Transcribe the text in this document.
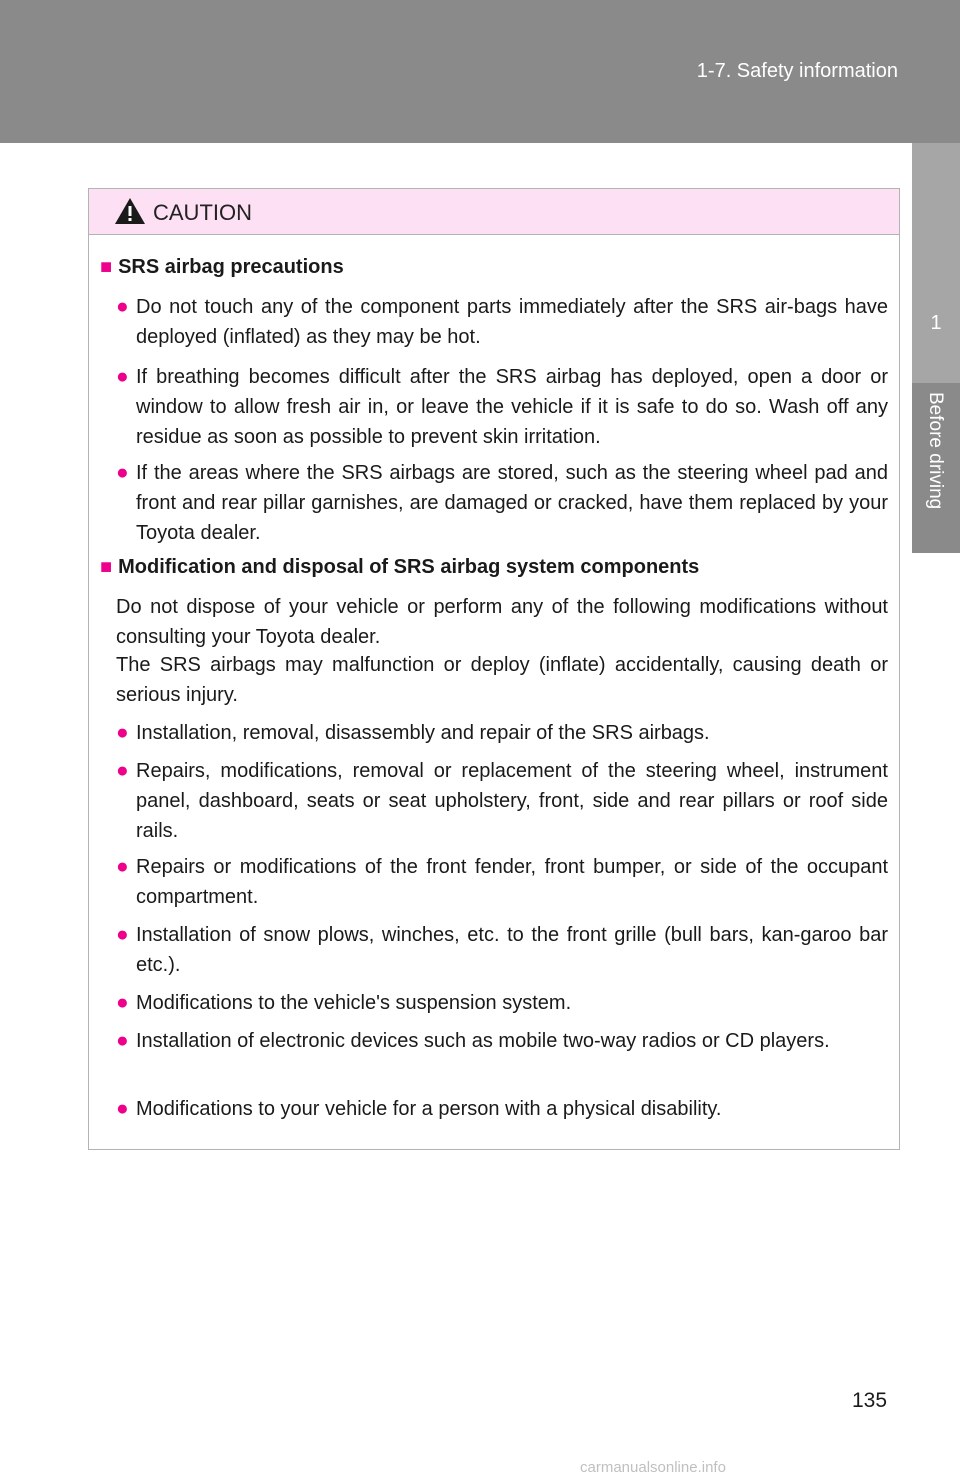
1-7. Safety information
1
Before driving
CAUTION
■ SRS airbag precautions
● Do not touch any of the component parts immediately after the SRS air-bags have deployed (inflated) as they may be hot.
● If breathing becomes difficult after the SRS airbag has deployed, open a door or window to allow fresh air in, or leave the vehicle if it is safe to do so. Wash off any residue as soon as possible to prevent skin irritation.
● If the areas where the SRS airbags are stored, such as the steering wheel pad and front and rear pillar garnishes, are damaged or cracked, have them replaced by your Toyota dealer.
■ Modification and disposal of SRS airbag system components
Do not dispose of your vehicle or perform any of the following modifications without consulting your Toyota dealer.
The SRS airbags may malfunction or deploy (inflate) accidentally, causing death or serious injury.
● Installation, removal, disassembly and repair of the SRS airbags.
● Repairs, modifications, removal or replacement of the steering wheel, instrument panel, dashboard, seats or seat upholstery, front, side and rear pillars or roof side rails.
● Repairs or modifications of the front fender, front bumper, or side of the occupant compartment.
● Installation of snow plows, winches, etc. to the front grille (bull bars, kan-garoo bar etc.).
● Modifications to the vehicle's suspension system.
● Installation of electronic devices such as mobile two-way radios or CD players.
● Modifications to your vehicle for a person with a physical disability.
135
carmanualsonline.info
